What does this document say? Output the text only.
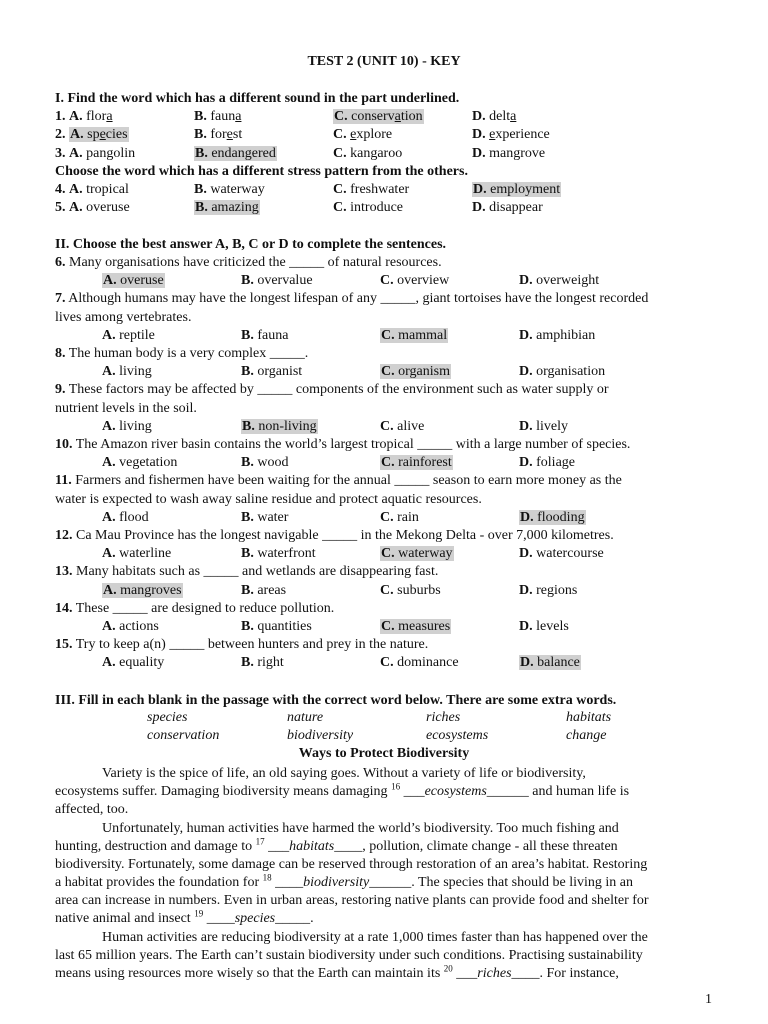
TEST 2 (UNIT 10) - KEY
I. Find the word which has a different sound in the part underlined.
1. A. flora	B. fauna	C. conservation	D. delta
2. A. species	B. forest	C. explore	D. experience
3. A. pangolin	B. endangered	C. kangaroo	D. mangrove
Choose the word which has a different stress pattern from the others.
4. A. tropical	B. waterway	C. freshwater	D. employment
5. A. overuse	B. amazing	C. introduce	D. disappear
II. Choose the best answer A, B, C or D to complete the sentences.
6. Many organisations have criticized the _____ of natural resources.
A. overuse	B. overvalue	C. overview	D. overweight
7. Although humans may have the longest lifespan of any _____, giant tortoises have the longest recorded
lives among vertebrates.
A. reptile	B. fauna	C. mammal	D. amphibian
8. The human body is a very complex _____.
A. living	B. organist	C. organism	D. organisation
9. These factors may be affected by _____ components of the environment such as water supply or
nutrient levels in the soil.
A. living	B. non-living	C. alive	D. lively
10. The Amazon river basin contains the world’s largest tropical _____ with a large number of species.
A. vegetation	B. wood	C. rainforest	D. foliage
11. Farmers and fishermen have been waiting for the annual _____ season to earn more money as the
water is expected to wash away saline residue and protect aquatic resources.
A. flood	B. water	C. rain	D. flooding
12. Ca Mau Province has the longest navigable _____ in the Mekong Delta - over 7,000 kilometres.
A. waterline	B. waterfront	C. waterway	D. watercourse
13. Many habitats such as _____ and wetlands are disappearing fast.
A. mangroves	B. areas	C. suburbs	D. regions
14. These _____ are designed to reduce pollution.
A. actions	B. quantities	C. measures	D. levels
15. Try to keep a(n) _____ between hunters and prey in the nature.
A. equality	B. right	C. dominance	D. balance
III. Fill in each blank in the passage with the correct word below. There are some extra words.
species	nature	riches	habitats
conservation	biodiversity	ecosystems	change
Ways to Protect Biodiversity
Variety is the spice of life, an old saying goes. Without a variety of life or biodiversity,
ecosystems suffer. Damaging biodiversity means damaging $^{16}$ ___ecosystems______ and human life is
affected, too.
Unfortunately, human activities have harmed the world’s biodiversity. Too much fishing and
hunting, destruction and damage to $^{17}$ ___habitats____, pollution, climate change - all these threaten
biodiversity. Fortunately, some damage can be reserved through restoration of an area’s habitat. Restoring
a habitat provides the foundation for $^{18}$ ____biodiversity______. The species that should be living in an
area can increase in numbers. Even in urban areas, restoring native plants can provide food and shelter for
native animal and insect $^{19}$ ____species_____.
Human activities are reducing biodiversity at a rate 1,000 times faster than has happened over the
last 65 million years. The Earth can’t sustain biodiversity under such conditions. Practising sustainability
means using resources more wisely so that the Earth can maintain its $^{20}$ ___riches____. For instance,
1
